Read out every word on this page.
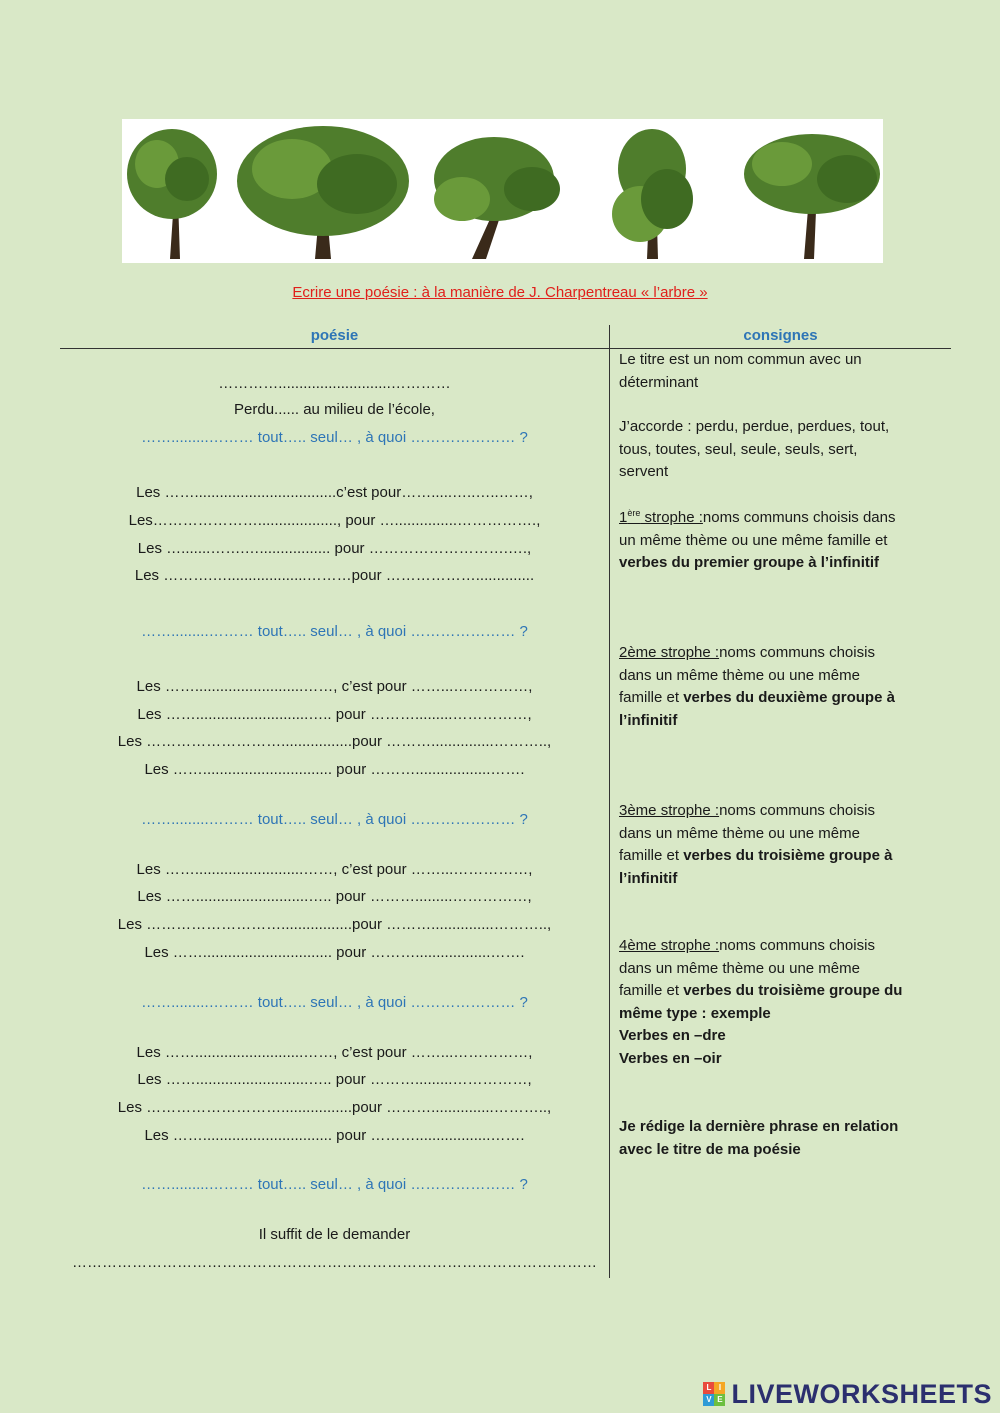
Ecrire une poésie : à la manière de J. Charpentreau « l’arbre »
poésie	consignes
…………...........................…………
Perdu...... au milieu de l’école,
…….........……… tout….. seul… , à quoi ………………… ?
Les ……..................................c’est pour…….....…..…..……,
Les…………………..................., pour …...............…………….,
Les ….......…….…................. pour ……………………….….,
Les ……….…...................………pour ………………..............
…….........……… tout….. seul… , à quoi ………………… ?
Les ……..........................……, c’est pour ……...……………,
Les ……...........................….. pour ……….........……………,
Les ……………………….................pour ………...............………..,
Les ……............................... pour ………..................…….
…….........……… tout….. seul… , à quoi ………………… ?
Les ……..........................……, c’est pour ……...……………,
Les ……...........................….. pour ……….........……………,
Les ……………………….................pour ………...............………..,
Les ……............................... pour ………..................…….
…….........……… tout….. seul… , à quoi ………………… ?
Les ……..........................……, c’est pour ……...……………,
Les ……...........................….. pour ……….........……………,
Les ……………………….................pour ………...............………..,
Les ……............................... pour ………..................…….
…….........……… tout….. seul… , à quoi ………………… ?
Il suffit de le demander
……………………………………………………………………………………………
Le titre est un nom commun avec un
déterminant
J’accorde : perdu, perdue, perdues, tout,
tous, toutes, seul, seule, seuls, sert,
servent
1ère strophe :noms communs choisis dans
un même thème ou une même famille et
verbes du premier groupe à l’infinitif
2ème strophe :noms communs choisis
dans un même thème ou une même
famille et verbes du deuxième groupe à
l’infinitif
3ème strophe :noms communs choisis
dans un même thème ou une même
famille et verbes du troisième groupe à
l’infinitif
4ème strophe :noms communs choisis
dans un même thème ou une même
famille et verbes du troisième groupe du
même type : exemple
Verbes en –dre
Verbes en –oir
Je rédige la dernière phrase en relation
avec le titre de ma poésie
L I
V E LIVEWORKSHEETS
